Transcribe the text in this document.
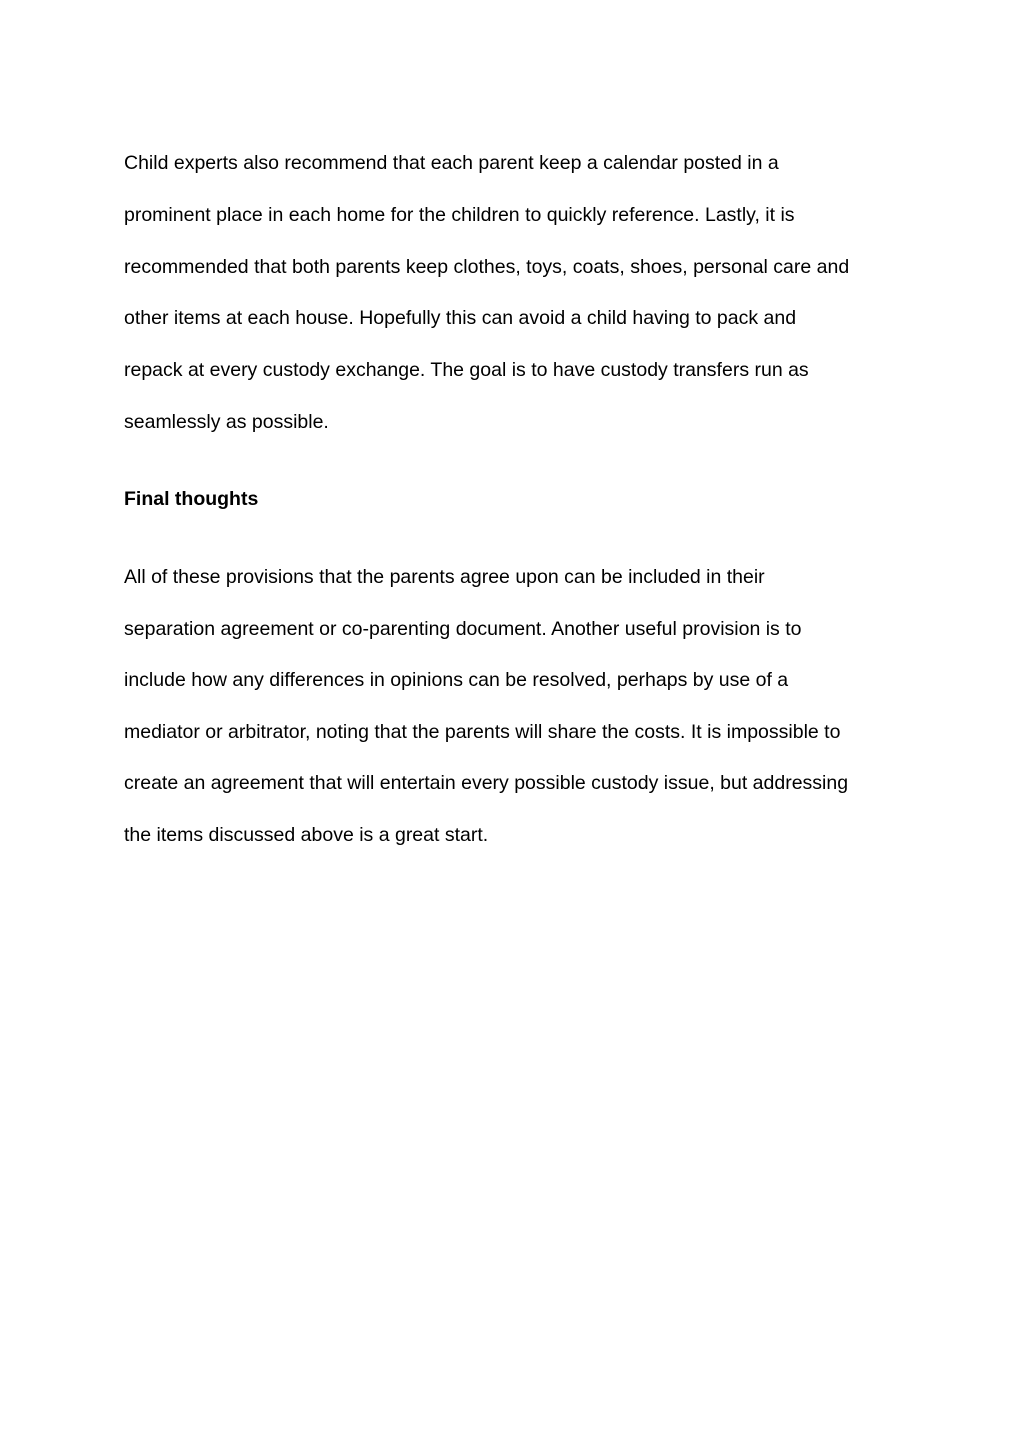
Child experts also recommend that each parent keep a calendar posted in a

prominent place in each home for the children to quickly reference. Lastly, it is

recommended that both parents keep clothes, toys, coats, shoes, personal care and

other items at each house. Hopefully this can avoid a child having to pack and

repack at every custody exchange. The goal is to have custody transfers run as

seamlessly as possible.

Final thoughts

All of these provisions that the parents agree upon can be included in their

separation agreement or co-parenting document. Another useful provision is to

include how any differences in opinions can be resolved, perhaps by use of a

mediator or arbitrator, noting that the parents will share the costs. It is impossible to

create an agreement that will entertain every possible custody issue, but addressing

the items discussed above is a great start.
